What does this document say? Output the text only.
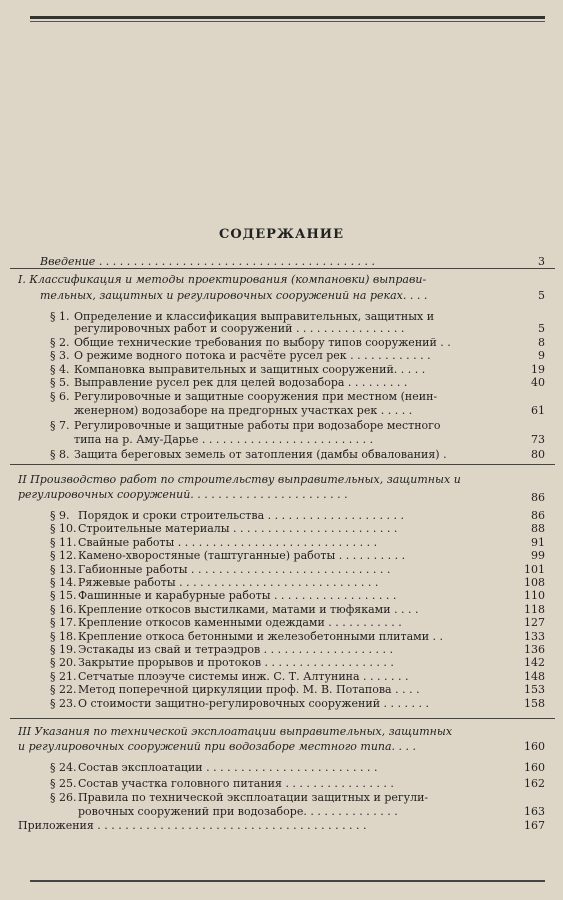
СОДЕРЖАНИЕ
Введение . . . . . . . . . . . . . . . . . . . . . . . . . . . . . . . . . . . . . . . .	3
I. Классификация и методы проектирования (компановки) выправи-
тельных, защитных и регулировочных сооружений на реках. . . .	5
§ 1. Определение и классификация выправительных, защитных и
регулировочных работ и сооружений . . . . . . . . . . . . . . . .	5
§ 2. Общие технические требования по выбору типов сооружений . .	8
§ 3. О режиме водного потока и расчёте русел рек . . . . . . . . . . . .	9
§ 4. Компановка выправительных и защитных сооружений. . . . .	19
§ 5. Выправление русел рек для целей водозабора . . . . . . . . .	40
§ 6. Регулировочные и защитные сооружения при местном (неин-
женерном) водозаборе на предгорных участках рек . . . . .	61
§ 7. Регулировочные и защитные работы при водозаборе местного
типа на р. Аму-Дарье . . . . . . . . . . . . . . . . . . . . . . . . .	73
§ 8. Защита береговых земель от затопления (дамбы обвалования) .	80
II Производство работ по строительству выправительных, защитных и
регулировочных сооружений. . . . . . . . . . . . . . . . . . . . . . .	86
§ 9. Порядок и сроки строительства . . . . . . . . . . . . . . . . . . . .	86
§ 10. Строительные материалы . . . . . . . . . . . . . . . . . . . . . . . .	88
§ 11. Свайные работы . . . . . . . . . . . . . . . . . . . . . . . . . . . . .	91
§ 12. Камено-хворостяные (таштуганные) работы . . . . . . . . . .	99
§ 13. Габионные работы . . . . . . . . . . . . . . . . . . . . . . . . . . . . .	101
§ 14. Ряжевые работы . . . . . . . . . . . . . . . . . . . . . . . . . . . . .	108
§ 15. Фашинные и карабурные работы . . . . . . . . . . . . . . . . . .	110
§ 16. Крепление откосов выстилками, матами и тюфяками . . . .	118
§ 17. Крепление откосов каменными одеждами . . . . . . . . . . .	127
§ 18. Крепление откоса бетонными и железобетонными плитами . .	133
§ 19. Эстакады из свай и тетраэдров . . . . . . . . . . . . . . . . . . .	136
§ 20. Закрытие прорывов и протоков . . . . . . . . . . . . . . . . . . .	142
§ 21. Сетчатые плоэуче системы инж. С. Т. Алтунина . . . . . . .	148
§ 22. Метод поперечной циркуляции проф. М. В. Потапова . . . .	153
§ 23. О стоимости защитно-регулировочных сооружений . . . . . . .	158
III Указания по технической эксплоатации выправительных, защитных
и регулировочных сооружений при водозаборе местного типа. . . .	160
§ 24. Состав эксплоатации . . . . . . . . . . . . . . . . . . . . . . . . .	160
§ 25. Состав участка головного питания . . . . . . . . . . . . . . . .	162
§ 26. Правила по технической эксплоатации защитных и регули-
ровочных сооружений при водозаборе. . . . . . . . . . . . . .	163
Приложения . . . . . . . . . . . . . . . . . . . . . . . . . . . . . . . . . . . . . . .	167
